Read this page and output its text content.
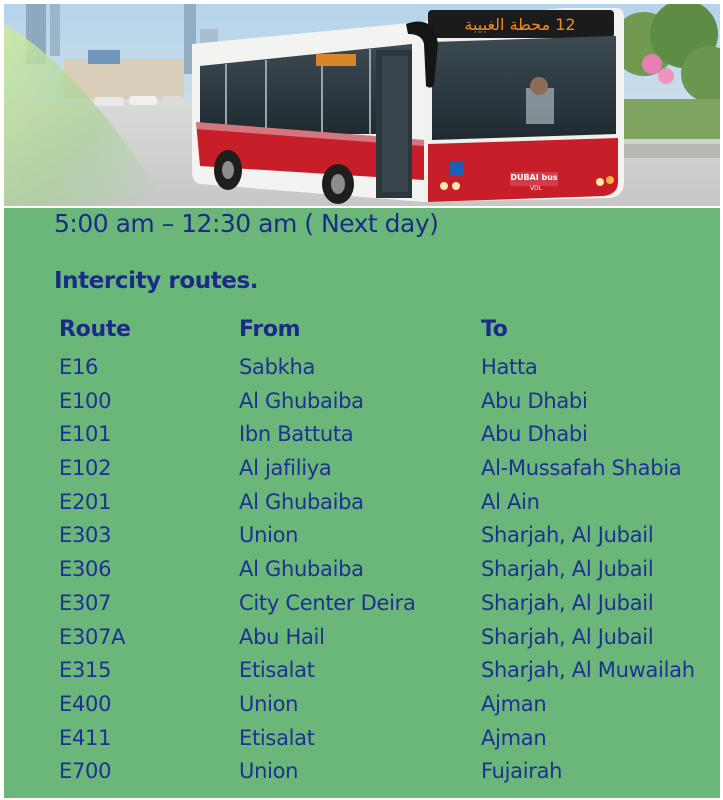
12 محطة الغبيبة
dubai
DUBAI bus
VDL
5:00 am – 12:30 am ( Next day)
Intercity routes.
Route	From	To
E16	Sabkha	Hatta
E100	Al Ghubaiba	Abu Dhabi
E101	Ibn Battuta	Abu Dhabi
E102	Al jafiliya	Al-Mussafah Shabia
E201	Al Ghubaiba	Al Ain
E303	Union	Sharjah, Al Jubail
E306	Al Ghubaiba	Sharjah, Al Jubail
E307	City Center Deira	Sharjah, Al Jubail
E307A	Abu Hail	Sharjah, Al Jubail
E315	Etisalat	Sharjah, Al Muwailah
E400	Union	Ajman
E411	Etisalat	Ajman
E700	Union	Fujairah
